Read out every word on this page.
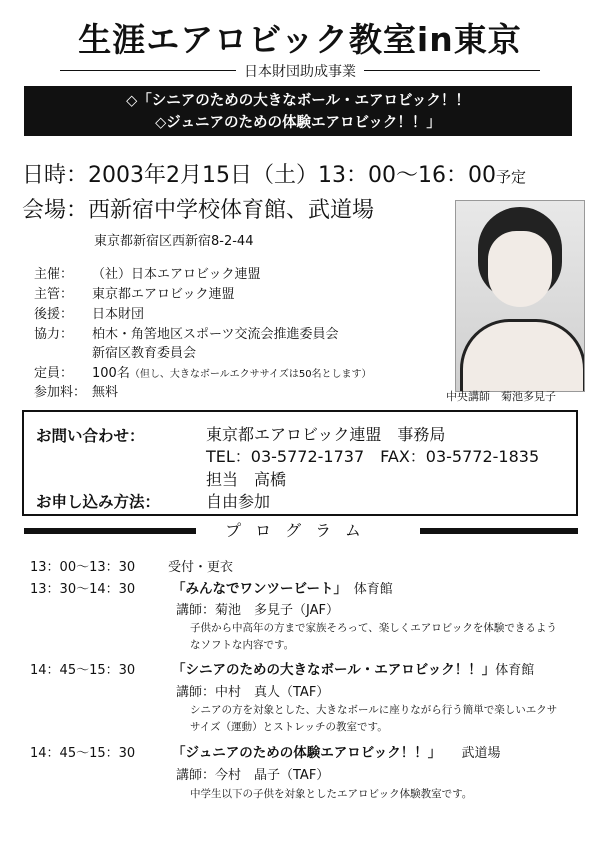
生涯エアロビック教室in東京
日本財団助成事業
◇「シニアのための大きなボール・エアロビック！！
◇ジュニアのための体験エアロビック！！」
日時：2003年2月15日（土）13：00～16：00予定
会場：西新宿中学校体育館、武道場
東京都新宿区西新宿8-2-44
主催： （社）日本エアロビック連盟
主管： 東京都エアロビック連盟
後援： 日本財団
協力： 柏木・角筈地区スポーツ交流会推進委員会
新宿区教育委員会
定員： 100名（但し、大きなボールエクササイズは50名とします）
参加料： 無料	中央講師　菊池多見子
お問い合わせ：	東京都エアロビック連盟　事務局
TEL：03-5772-1737　FAX：03-5772-1835
担当　高橋
お申し込み方法：	自由参加
プログラム
13：00～13：30	受付・更衣
13：30～14：30	「みんなでワンツービート」　 体育館
講師：菊池　多見子（JAF）
子供から中高年の方まで家族そろって、楽しくエアロビックを体験できるようなソフトな内容です。
14：45～15：30	「シニアのための大きなボール・エアロビック！！」体育館
講師：中村　真人（TAF）
シニアの方を対象とした、大きなボールに座りながら行う簡単で楽しいエクササイズ（運動）とストレッチの教室です。
14：45～15：30	「ジュニアのための体験エアロビック！！」　　 武道場
講師：今村　晶子（TAF）
中学生以下の子供を対象としたエアロビック体験教室です。
